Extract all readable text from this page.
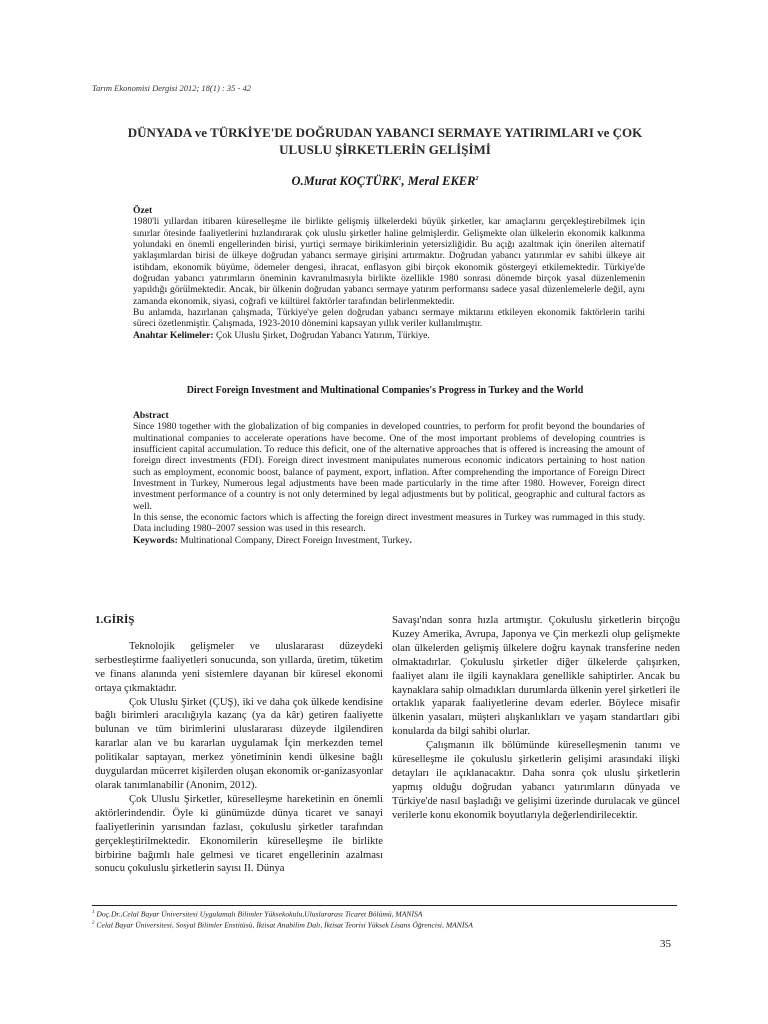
Tarım Ekonomisi Dergisi 2012; 18(1) : 35 - 42
DÜNYADA ve TÜRKİYE'DE DOĞRUDAN YABANCI SERMAYE YATIRIMLARI ve ÇOK
ULUSLU ŞİRKETLERİN GELİŞİMİ
O.Murat KOÇTÜRK$^1$, Meral EKER$^2$

Özet

1980'li yıllardan itibaren küreselleşme ile birlikte gelişmiş ülkelerdeki büyük şirketler, kar amaçlarını gerçekleştirebilmek için sınırlar ötesinde faaliyetlerini hızlandırarak çok uluslu şirketler haline gelmişlerdir. Gelişmekte olan ülkelerin ekonomik kalkınma yolundaki en önemli engellerinden birisi, yurtiçi sermaye birikimlerinin yetersizliğidir. Bu açığı azaltmak için önerilen alternatif yaklaşımlardan birisi de ülkeye doğrudan yabancı sermaye girişini artırmaktır. Doğrudan yabancı yatırımlar ev sahibi ülkeye ait istihdam, ekonomik büyüme, ödemeler dengesi, ihracat, enflasyon gibi birçok ekonomik göstergeyi etkilemektedir. Türkiye'de doğrudan yabancı yatırımların öneminin kavranılmasıyla birlikte özellikle 1980 sonrası dönemde birçok yasal düzenlemenin yapıldığı görülmektedir. Ancak, bir ülkenin doğrudan yabancı sermaye yatırım performansı sadece yasal düzenlemelerle değil, aynı zamanda ekonomik, siyasi, coğrafi ve kültürel faktörler tarafından belirlenmektedir.

Bu anlamda, hazırlanan çalışmada, Türkiye'ye gelen doğrudan yabancı sermaye miktarını etkileyen ekonomik faktörlerin tarihi süreci özetlenmiştir. Çalışmada, 1923-2010 dönemini kapsayan yıllık veriler kullanılmıştır.

Anahtar Kelimeler: Çok Uluslu Şirket, Doğrudan Yabancı Yatırım, Türkiye.

Direct Foreign Investment and Multinational Companies's Progress in Turkey and the World

Abstract

Since 1980 together with the globalization of big companies in developed countries, to perform for profit beyond the boundaries of multinational companies to accelerate operations have become. One of the most important problems of developing countries is insufficient capital accumulation. To reduce this deficit, one of the alternative approaches that is offered is increasing the amount of foreign direct investments (FDI). Foreign direct investment manipulates numerous economic indicators pertaining to host nation such as employment, economic boost, balance of payment, export, inflation. After comprehending the importance of Foreign Direct Investment in Turkey, Numerous legal adjustments have been made particularly in the time after 1980. However, Foreign direct investment performance of a country is not only determined by legal adjustments but by political, geographic and cultural factors as well.

In this sense, the economic factors which is affecting the foreign direct investment measures in Turkey was rummaged in this study. Data including 1980–2007 session was used in this research.

Keywords: Multinational Company, Direct Foreign Investment, Turkey.

1.GİRİŞ

Teknolojik gelişmeler ve uluslararası düzeydeki serbestleştirme faaliyetleri sonucunda, son yıllarda, üretim, tüketim ve finans alanında yeni sistemlere dayanan bir küresel ekonomi ortaya çıkmaktadır.

Çok Uluslu Şirket (ÇUŞ), iki ve daha çok ülkede kendisine bağlı birimleri aracılığıyla kazanç (ya da kâr) getiren faaliyette bulunan ve tüm birimlerini uluslararası düzeyde ilgilendiren kararlar alan ve bu kararlan uygulamak İçin merkezden temel politikalar saptayan, merkez yönetiminin kendi ülkesine bağlı duygulardan mücerret kişilerden oluşan ekonomik or-ganizasyonlar olarak tanımlanabilir (Anonim, 2012).

Çok Uluslu Şirketler, küreselleşme hareketinin en önemli aktörlerindendir. Öyle ki günümüzde dünya ticaret ve sanayi faaliyetlerinin yarısından fazlası, çokuluslu şirketler tarafından gerçekleştirilmektedir. Ekonomilerin küreselleşme ile birlikte birbirine bağımlı hale gelmesi ve ticaret engellerinin azalması sonucu çokuluslu şirketlerin sayısı II. Dünya

Savaşı'ndan sonra hızla artmıştır. Çokuluslu şirketlerin birçoğu Kuzey Amerika, Avrupa, Japonya ve Çin merkezli olup gelişmekte olan ülkelerden gelişmiş ülkelere doğru kaynak transferine neden olmaktadırlar. Çokuluslu şirketler diğer ülkelerde çalışırken, faaliyet alanı ile ilgili kaynaklara genellikle sahiptirler. Ancak bu kaynaklara sahip olmadıkları durumlarda ülkenin yerel şirketleri ile ortaklık yaparak faaliyetlerine devam ederler. Böylece misafir ülkenin yasaları, müşteri alışkanlıkları ve yaşam standartları gibi konularda da bilgi sahibi olurlar.

Çalışmanın ilk bölümünde küreselleşmenin tanımı ve küreselleşme ile çokuluslu şirketlerin gelişimi arasındaki ilişki detayları ile açıklanacaktır. Daha sonra çok uluslu şirketlerin yapmış olduğu doğrudan yabancı yatırımların dünyada ve Türkiye'de nasıl başladığı ve gelişimi üzerinde durulacak ve güncel verilerle konu ekonomik boyutlarıyla değerlendirilecektir.

$^1$ Doç.Dr.,Celal Bayar Üniversitesi Uygulamalı Bilimler Yüksekokulu,Uluslararası Ticaret Bölümü, MANİSA
$^2$ Celal Bayar Üniversitesi, Sosyal Bilimler Enstitüsü, İktisat Anabilim Dalı, İktisat Teorisi Yüksek Lisans Öğrencisi, MANİSA
35
